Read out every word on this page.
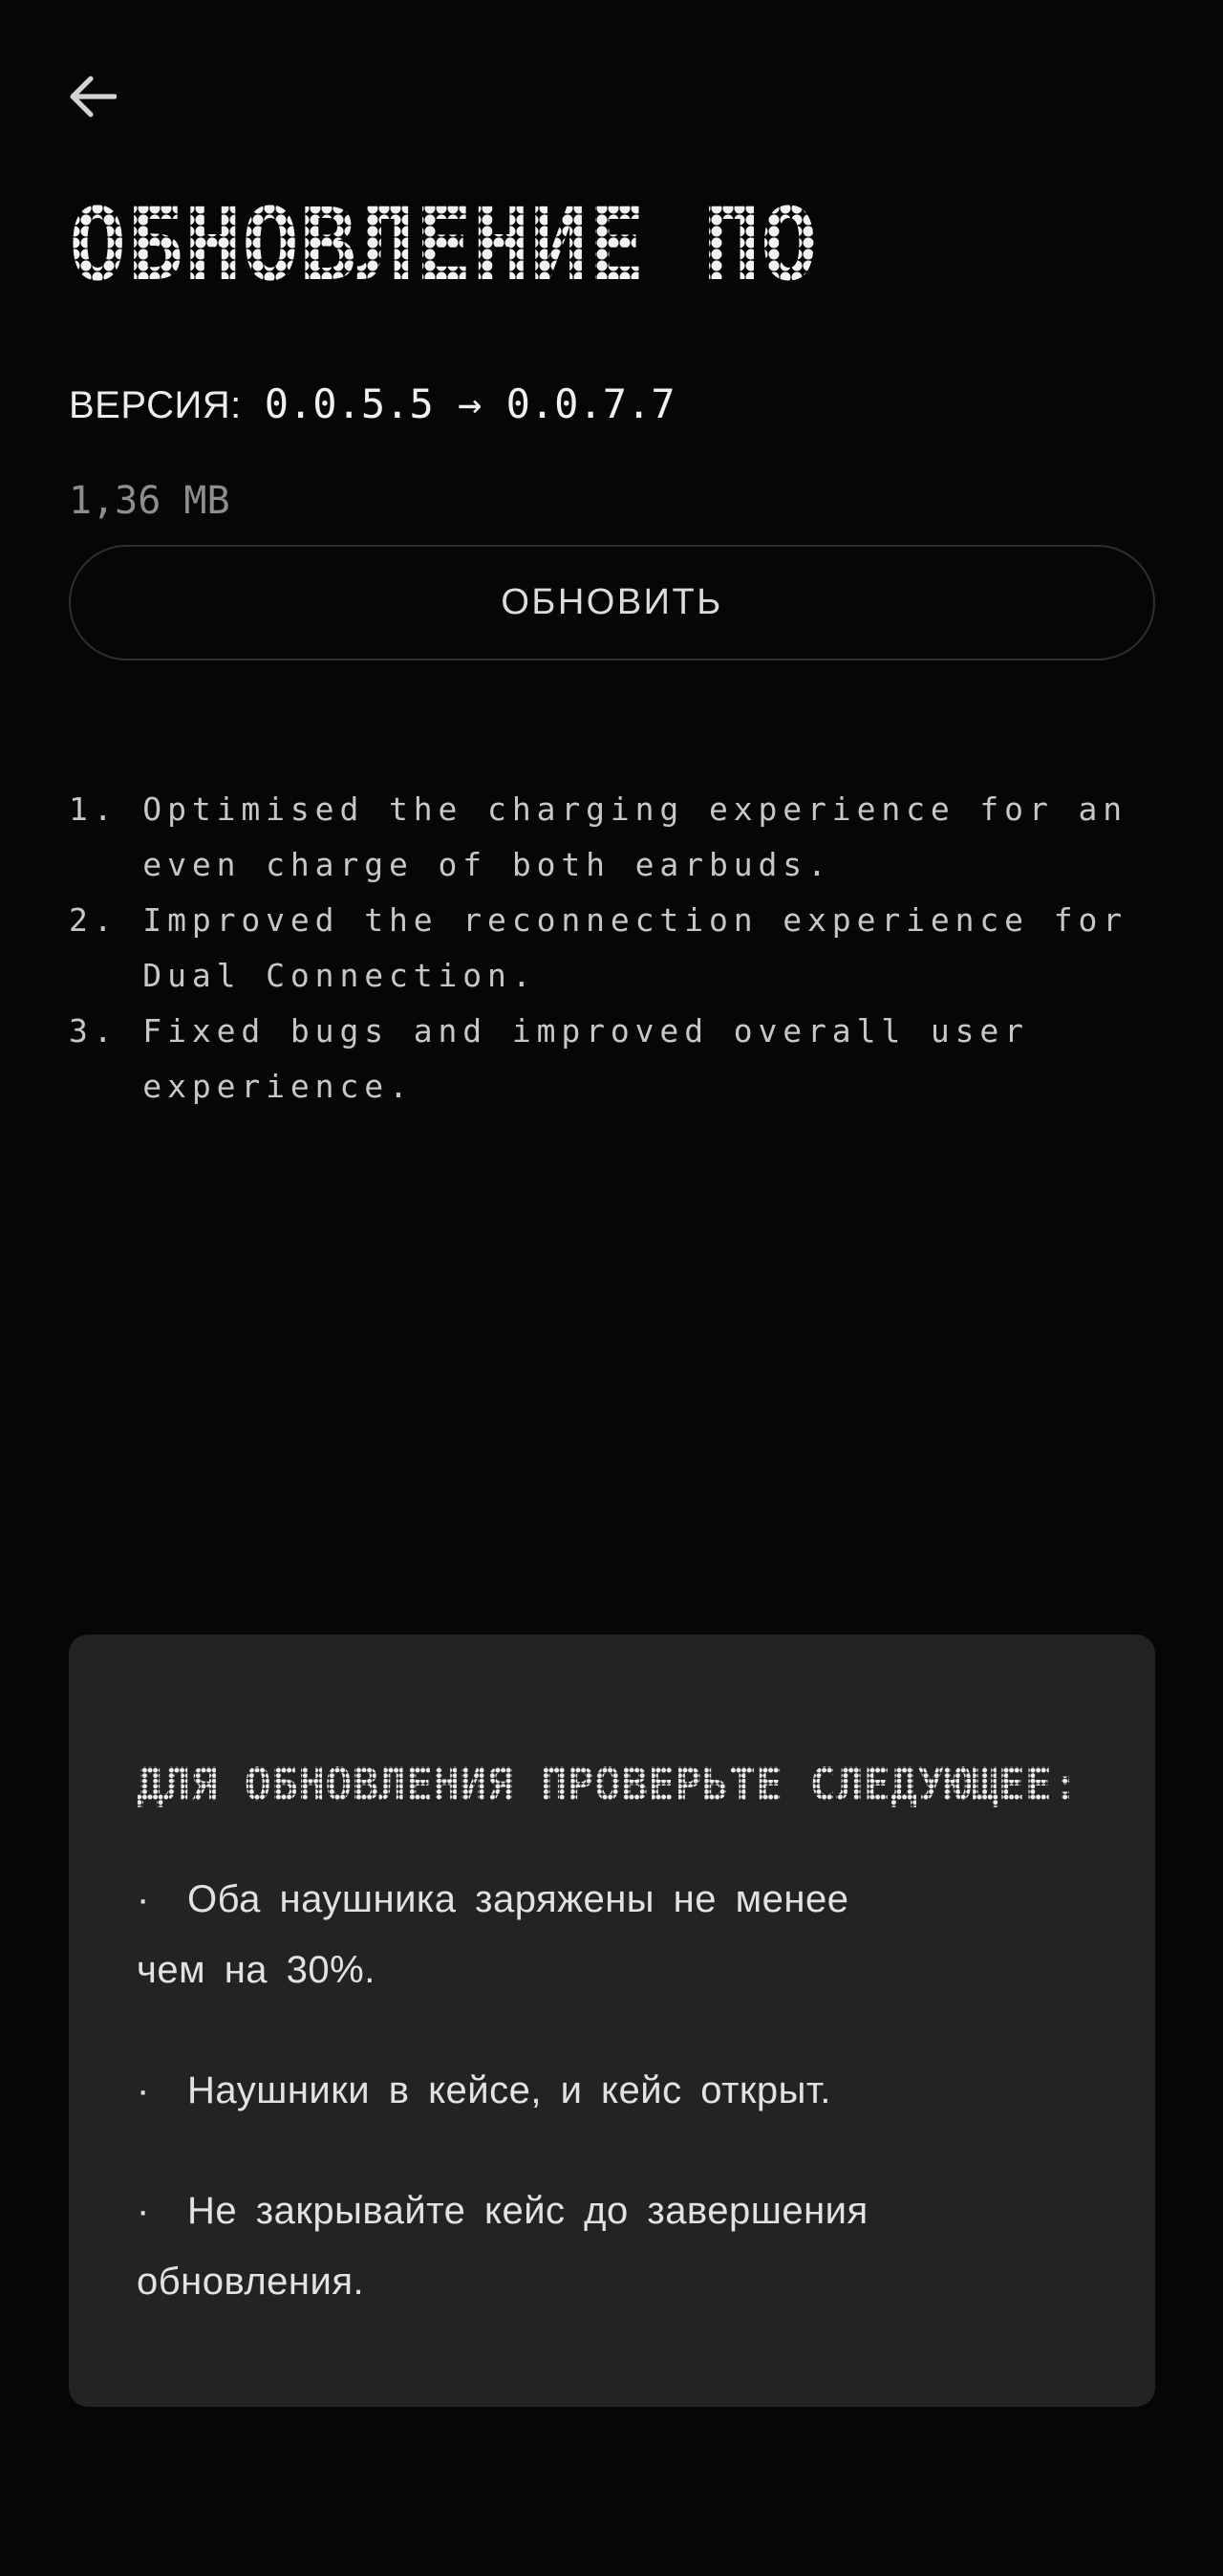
ОБНОВЛЕНИЕ ПО
ВЕРСИЯ: 0.0.5.5 → 0.0.7.7
1,36 MB
ОБНОВИТЬ
1. Optimised the charging experience for an
even charge of both earbuds.
2. Improved the reconnection experience for
Dual Connection.
3. Fixed bugs and improved overall user
experience.
ДЛЯ ОБНОВЛЕНИЯ ПРОВЕРЬТЕ СЛЕДУЮЩЕЕ:
·  Оба наушника заряжены не менее
чем на 30%.
·  Наушники в кейсе, и кейс открыт.
·  Не закрывайте кейс до завершения
обновления.
